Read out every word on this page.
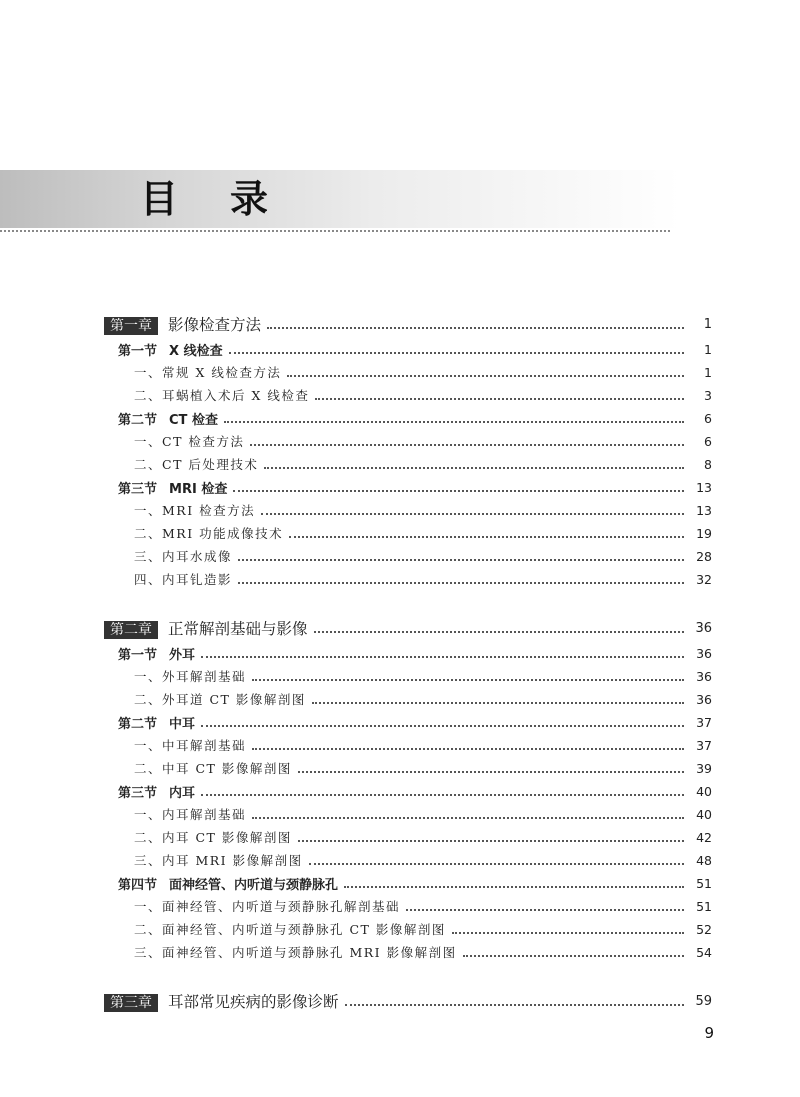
目录
第一章 影像检查方法	1
第一节 X 线检查	1
一、常规 X 线检查方法	1
二、耳蜗植入术后 X 线检查	3
第二节 CT 检查	6
一、CT 检查方法	6
二、CT 后处理技术	8
第三节 MRI 检查	13
一、MRI 检查方法	13
二、MRI 功能成像技术	19
三、内耳水成像	28
四、内耳钆造影	32
第二章 正常解剖基础与影像	36
第一节 外耳	36
一、外耳解剖基础	36
二、外耳道 CT 影像解剖图	36
第二节 中耳	37
一、中耳解剖基础	37
二、中耳 CT 影像解剖图	39
第三节 内耳	40
一、内耳解剖基础	40
二、内耳 CT 影像解剖图	42
三、内耳 MRI 影像解剖图	48
第四节 面神经管、内听道与颈静脉孔	51
一、面神经管、内听道与颈静脉孔解剖基础	51
二、面神经管、内听道与颈静脉孔 CT 影像解剖图	52
三、面神经管、内听道与颈静脉孔 MRI 影像解剖图	54
第三章 耳部常见疾病的影像诊断	59
9
